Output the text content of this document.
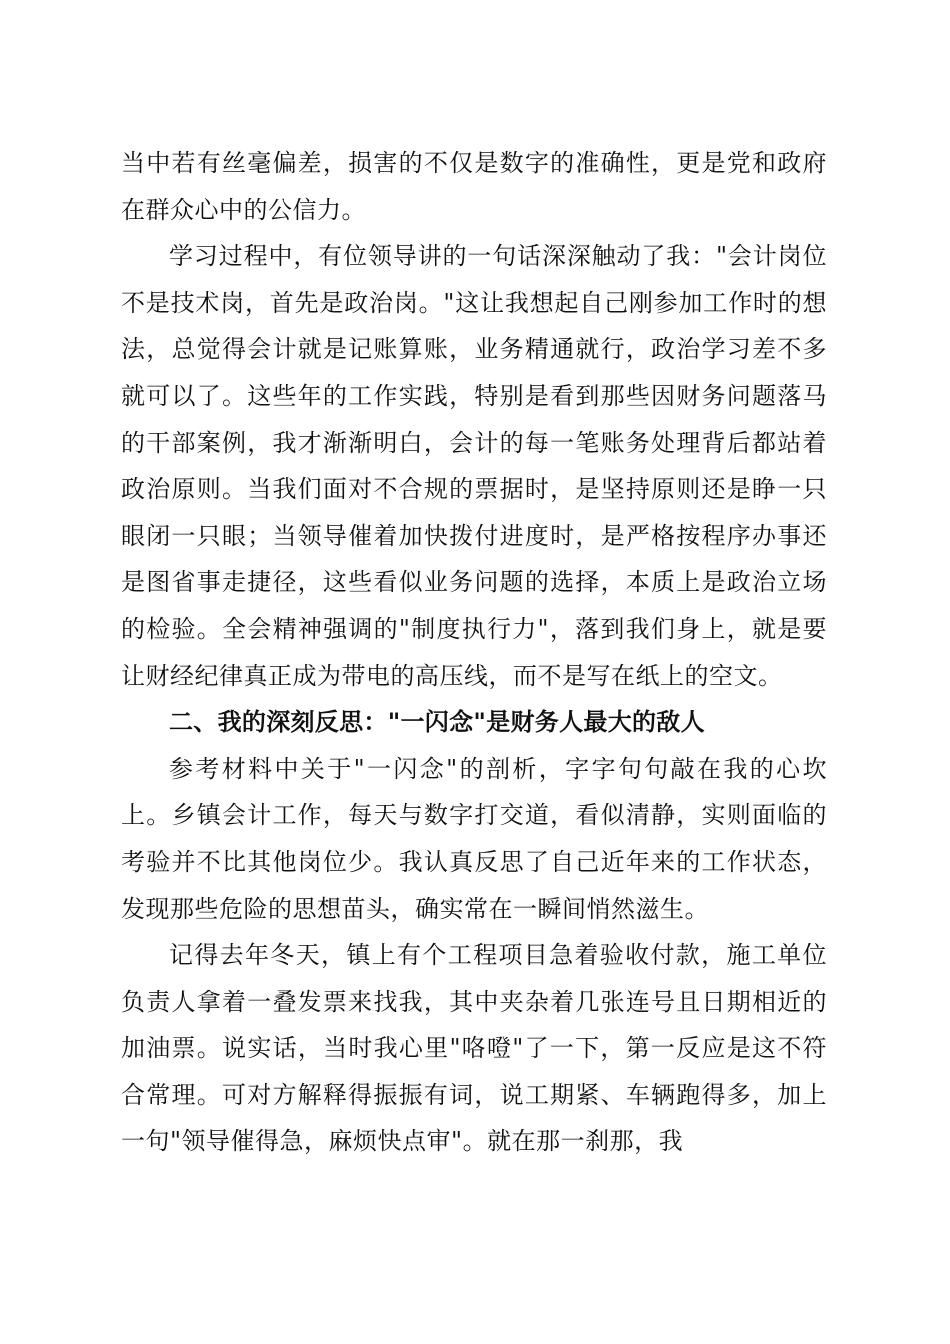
当中若有丝毫偏差，损害的不仅是数字的准确性，更是党和政府在群众心中的公信力。

学习过程中，有位领导讲的一句话深深触动了我："会计岗位不是技术岗，首先是政治岗。"这让我想起自己刚参加工作时的想法，总觉得会计就是记账算账，业务精通就行，政治学习差不多就可以了。这些年的工作实践，特别是看到那些因财务问题落马的干部案例，我才渐渐明白，会计的每一笔账务处理背后都站着政治原则。当我们面对不合规的票据时，是坚持原则还是睁一只眼闭一只眼；当领导催着加快拨付进度时，是严格按程序办事还是图省事走捷径，这些看似业务问题的选择，本质上是政治立场的检验。全会精神强调的"制度执行力"，落到我们身上，就是要让财经纪律真正成为带电的高压线，而不是写在纸上的空文。

二、我的深刻反思："一闪念"是财务人最大的敌人

参考材料中关于"一闪念"的剖析，字字句句敲在我的心坎上。乡镇会计工作，每天与数字打交道，看似清静，实则面临的考验并不比其他岗位少。我认真反思了自己近年来的工作状态，发现那些危险的思想苗头，确实常在一瞬间悄然滋生。

记得去年冬天，镇上有个工程项目急着验收付款，施工单位负责人拿着一叠发票来找我，其中夹杂着几张连号且日期相近的加油票。说实话，当时我心里"咯噔"了一下，第一反应是这不符合常理。可对方解释得振振有词，说工期紧、车辆跑得多，加上一句"领导催得急，麻烦快点审"。就在那一刹那，我
